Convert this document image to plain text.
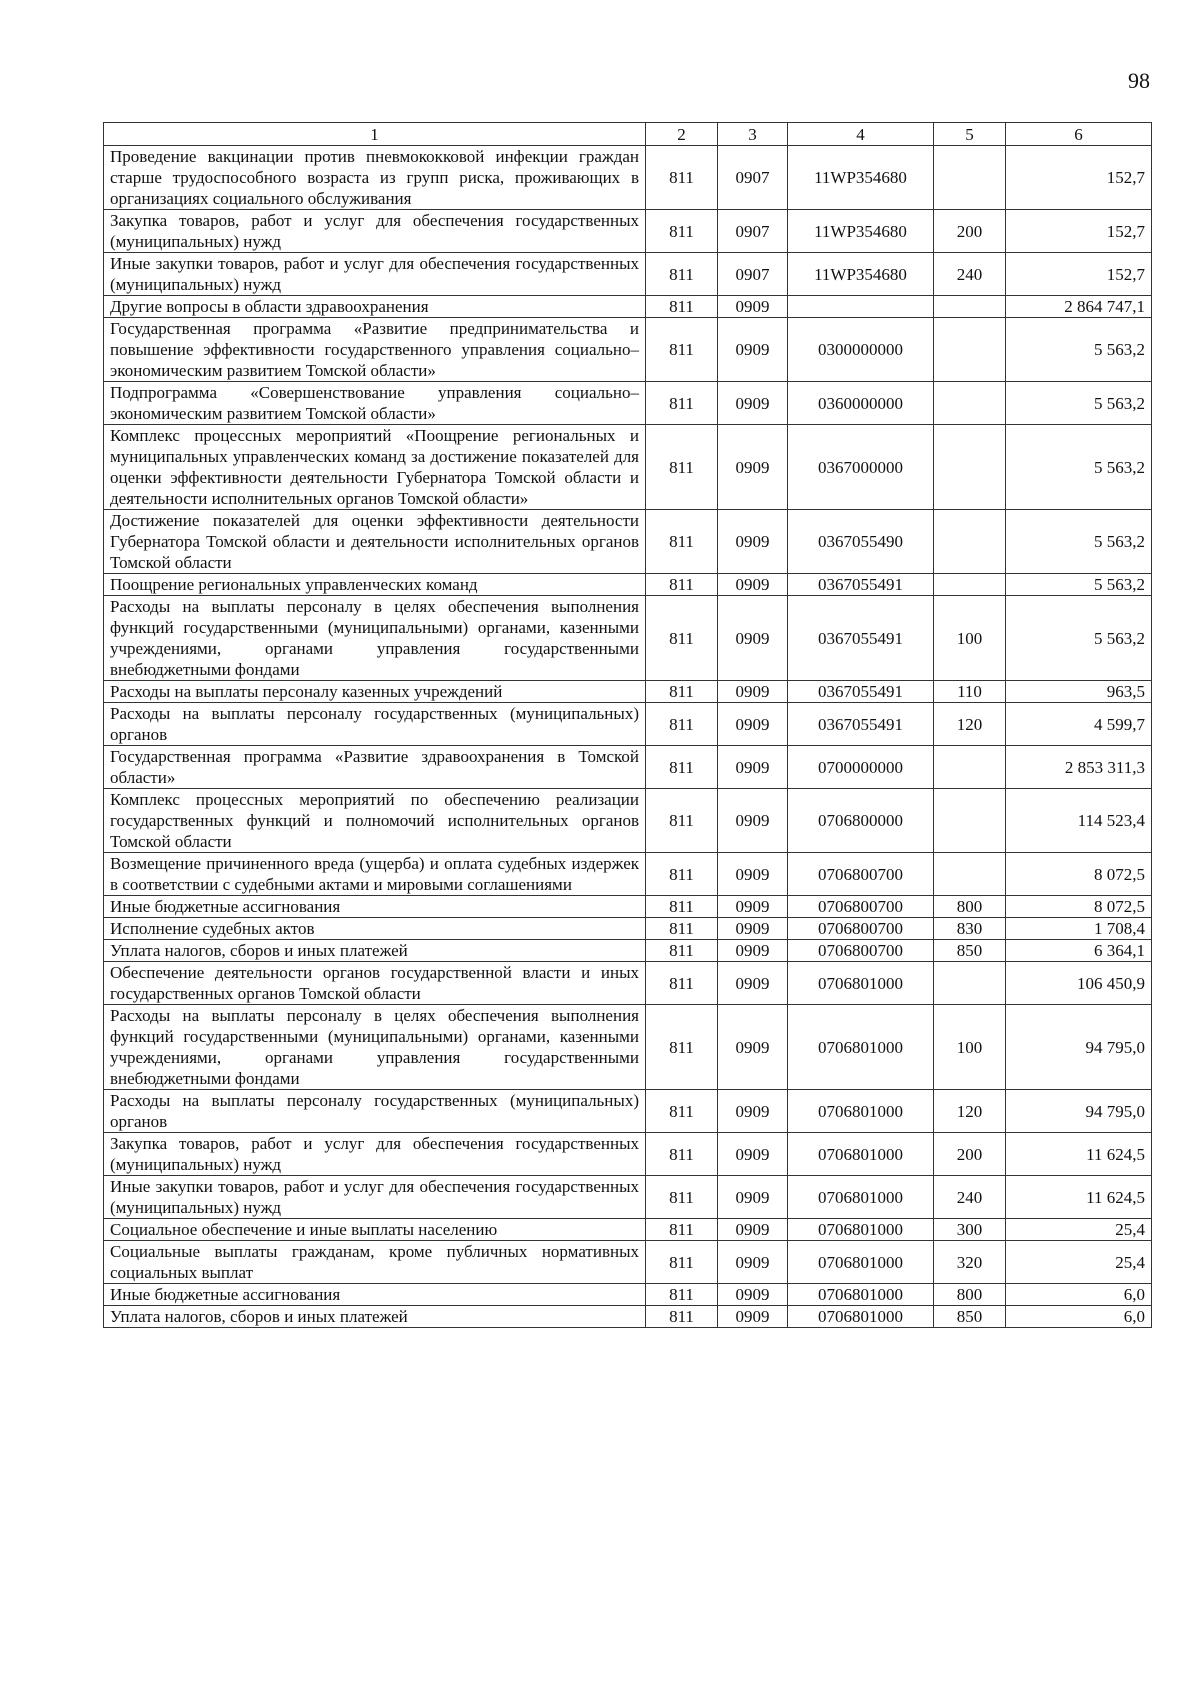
98
1	2	3	4	5	6
Проведение вакцинации против пневмококковой инфекции граждан старше трудоспособного возраста из групп риска, проживающих в организациях социального обслуживания	811	0907	11WP354680		152,7
Закупка товаров, работ и услуг для обеспечения государственных (муниципальных) нужд	811	0907	11WP354680	200	152,7
Иные закупки товаров, работ и услуг для обеспечения государственных (муниципальных) нужд	811	0907	11WP354680	240	152,7
Другие вопросы в области здравоохранения	811	0909			2 864 747,1
Государственная программа «Развитие предпринимательства и повышение эффективности государственного управления социально–экономическим развитием Томской области»	811	0909	0300000000		5 563,2
Подпрограмма «Совершенствование управления социально–экономическим развитием Томской области»	811	0909	0360000000		5 563,2
Комплекс процессных мероприятий «Поощрение региональных и муниципальных управленческих команд за достижение показателей для оценки эффективности деятельности Губернатора Томской области и деятельности исполнительных органов Томской области»	811	0909	0367000000		5 563,2
Достижение показателей для оценки эффективности деятельности Губернатора Томской области и деятельности исполнительных органов Томской области	811	0909	0367055490		5 563,2
Поощрение региональных управленческих команд	811	0909	0367055491		5 563,2
Расходы на выплаты персоналу в целях обеспечения выполнения функций государственными (муниципальными) органами, казенными учреждениями, органами управления государственными внебюджетными фондами	811	0909	0367055491	100	5 563,2
Расходы на выплаты персоналу казенных учреждений	811	0909	0367055491	110	963,5
Расходы на выплаты персоналу государственных (муниципальных) органов	811	0909	0367055491	120	4 599,7
Государственная программа «Развитие здравоохранения в Томской области»	811	0909	0700000000		2 853 311,3
Комплекс процессных мероприятий по обеспечению реализации государственных функций и полномочий исполнительных органов Томской области	811	0909	0706800000		114 523,4
Возмещение причиненного вреда (ущерба) и оплата судебных издержек в соответствии с судебными актами и мировыми соглашениями	811	0909	0706800700		8 072,5
Иные бюджетные ассигнования	811	0909	0706800700	800	8 072,5
Исполнение судебных актов	811	0909	0706800700	830	1 708,4
Уплата налогов, сборов и иных платежей	811	0909	0706800700	850	6 364,1
Обеспечение деятельности органов государственной власти и иных государственных органов Томской области	811	0909	0706801000		106 450,9
Расходы на выплаты персоналу в целях обеспечения выполнения функций государственными (муниципальными) органами, казенными учреждениями, органами управления государственными внебюджетными фондами	811	0909	0706801000	100	94 795,0
Расходы на выплаты персоналу государственных (муниципальных) органов	811	0909	0706801000	120	94 795,0
Закупка товаров, работ и услуг для обеспечения государственных (муниципальных) нужд	811	0909	0706801000	200	11 624,5
Иные закупки товаров, работ и услуг для обеспечения государственных (муниципальных) нужд	811	0909	0706801000	240	11 624,5
Социальное обеспечение и иные выплаты населению	811	0909	0706801000	300	25,4
Социальные выплаты гражданам, кроме публичных нормативных социальных выплат	811	0909	0706801000	320	25,4
Иные бюджетные ассигнования	811	0909	0706801000	800	6,0
Уплата налогов, сборов и иных платежей	811	0909	0706801000	850	6,0
